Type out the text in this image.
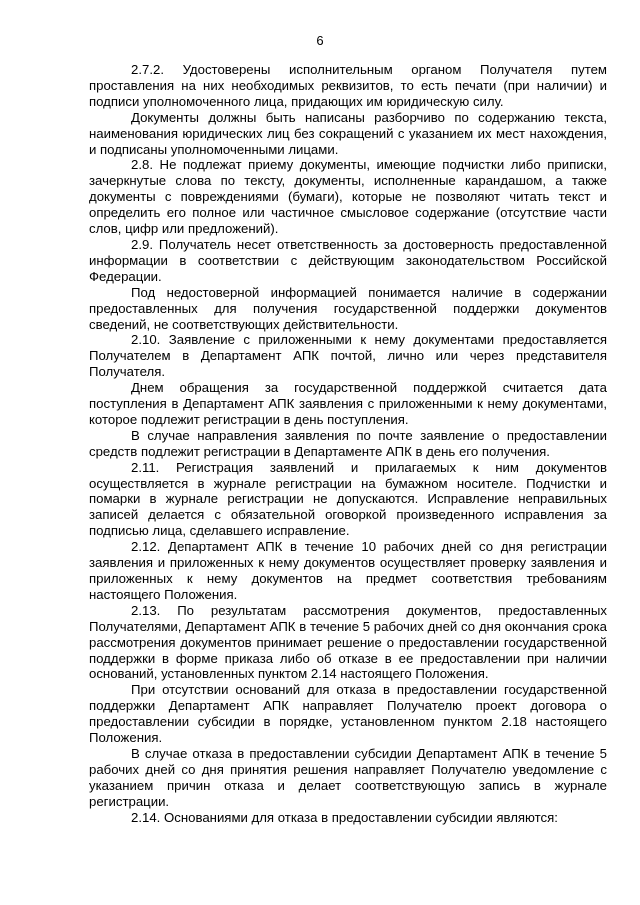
6

2.7.2. Удостоверены исполнительным органом Получателя путем проставления на них необходимых реквизитов, то есть печати (при наличии) и подписи уполномоченного лица, придающих им юридическую силу.

Документы должны быть написаны разборчиво по содержанию текста, наименования юридических лиц без сокращений с указанием их мест нахождения, и подписаны уполномоченными лицами.

2.8. Не подлежат приему документы, имеющие подчистки либо приписки, зачеркнутые слова по тексту, документы, исполненные карандашом, а также документы с повреждениями (бумаги), которые не позволяют читать текст и определить его полное или частичное смысловое содержание (отсутствие части слов, цифр или предложений).

2.9. Получатель несет ответственность за достоверность предоставленной информации в соответствии с действующим законодательством Российской Федерации.

Под недостоверной информацией понимается наличие в содержании предоставленных для получения государственной поддержки документов сведений, не соответствующих действительности.

2.10. Заявление с приложенными к нему документами предоставляется Получателем в Департамент АПК почтой, лично или через представителя Получателя.

Днем обращения за государственной поддержкой считается дата поступления в Департамент АПК заявления с приложенными к нему документами, которое подлежит регистрации в день поступления.

В случае направления заявления по почте заявление о предоставлении средств подлежит регистрации в Департаменте АПК в день его получения.

2.11. Регистрация заявлений и прилагаемых к ним документов осуществляется в журнале регистрации на бумажном носителе. Подчистки и помарки в журнале регистрации не допускаются. Исправление неправильных записей делается с обязательной оговоркой произведенного исправления за подписью лица, сделавшего исправление.

2.12. Департамент АПК в течение 10 рабочих дней со дня регистрации заявления и приложенных к нему документов осуществляет проверку заявления и приложенных к нему документов на предмет соответствия требованиям настоящего Положения.

2.13. По результатам рассмотрения документов, предоставленных Получателями, Департамент АПК в течение 5 рабочих дней со дня окончания срока рассмотрения документов принимает решение о предоставлении государственной поддержки в форме приказа либо об отказе в ее предоставлении при наличии оснований, установленных пунктом 2.14 настоящего Положения.

При отсутствии оснований для отказа в предоставлении государственной поддержки Департамент АПК направляет Получателю проект договора о предоставлении субсидии в порядке, установленном пунктом 2.18 настоящего Положения.

В случае отказа в предоставлении субсидии Департамент АПК в течение 5 рабочих дней со дня принятия решения направляет Получателю уведомление с указанием причин отказа и делает соответствующую запись в журнале регистрации.

2.14. Основаниями для отказа в предоставлении субсидии являются:
